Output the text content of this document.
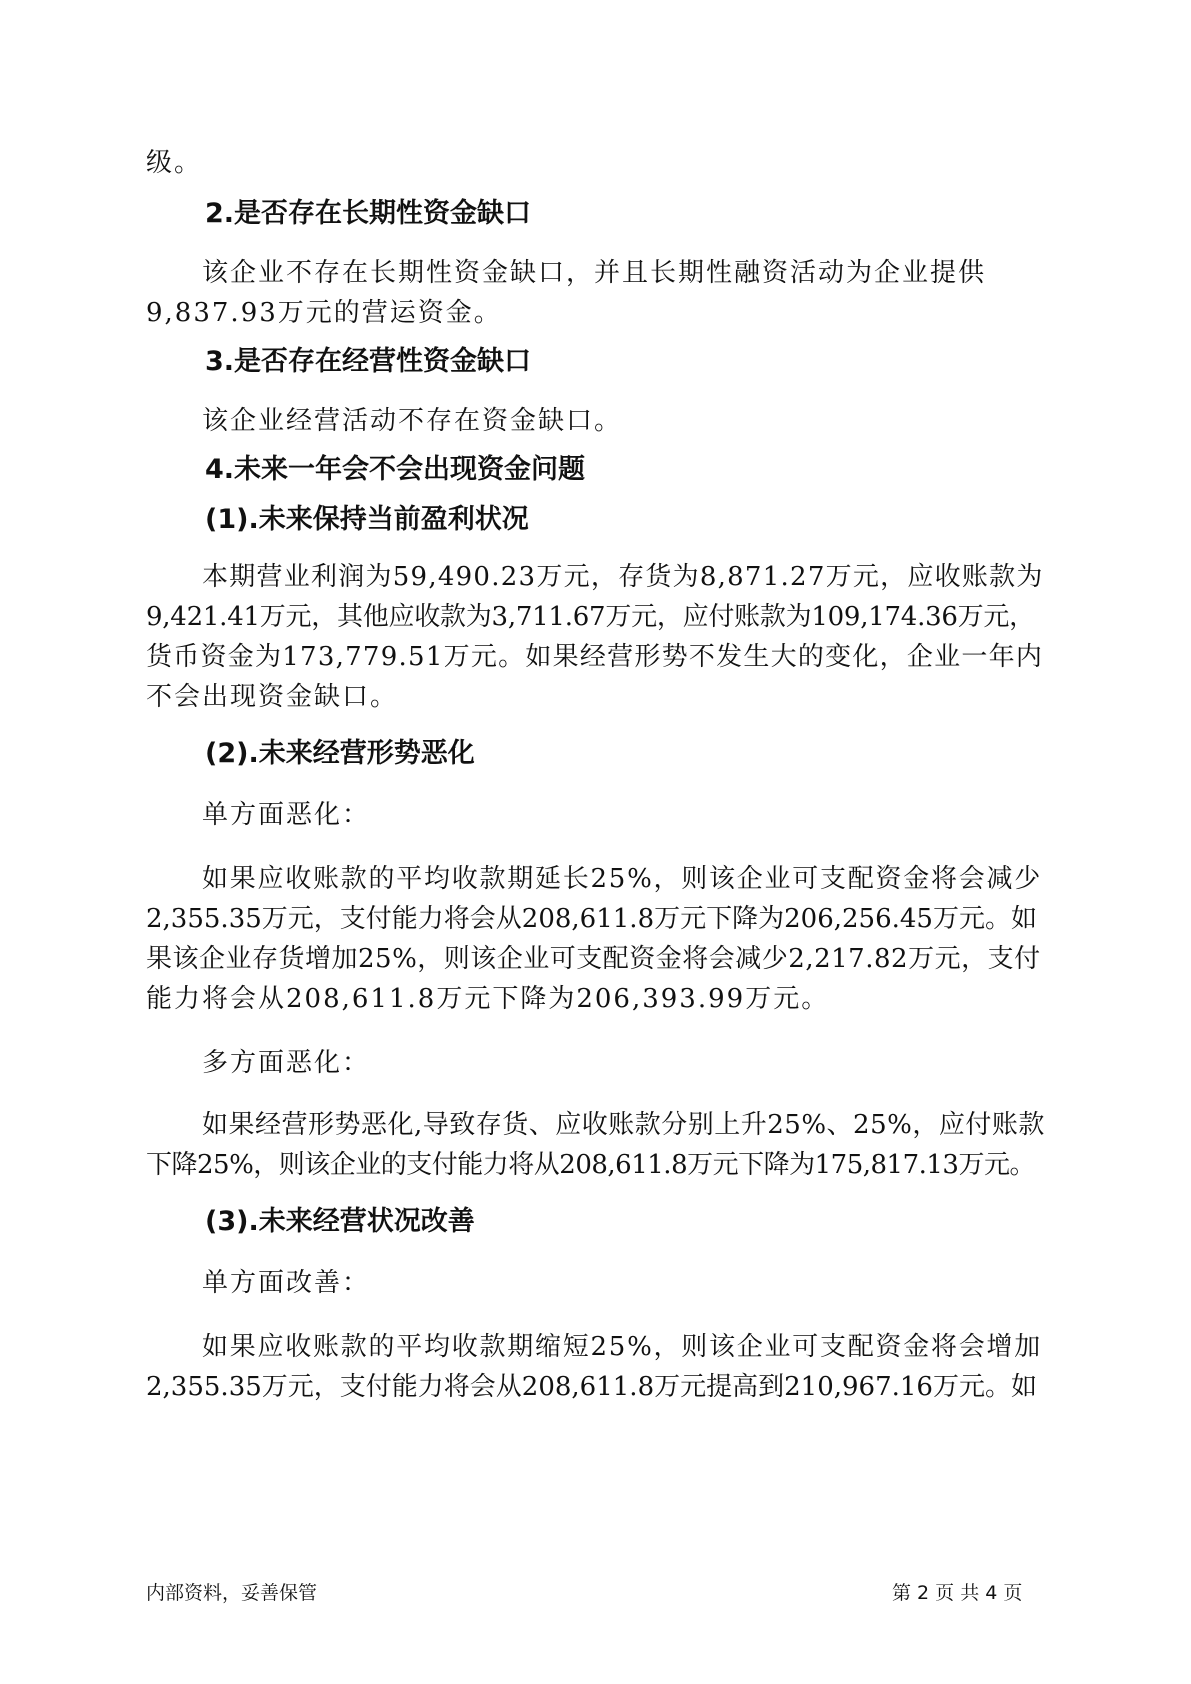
级。
2.是否存在长期性资金缺口
该企业不存在长期性资金缺口，并且长期性融资活动为企业提供
9,837.93万元的营运资金。
3.是否存在经营性资金缺口
该企业经营活动不存在资金缺口。
4.未来一年会不会出现资金问题
(1).未来保持当前盈利状况
本期营业利润为59,490.23万元，存货为8,871.27万元，应收账款为
9,421.41万元，其他应收款为3,711.67万元，应付账款为109,174.36万元，
货币资金为173,779.51万元。如果经营形势不发生大的变化，企业一年内
不会出现资金缺口。
(2).未来经营形势恶化
单方面恶化：
如果应收账款的平均收款期延长25%，则该企业可支配资金将会减少
2,355.35万元，支付能力将会从208,611.8万元下降为206,256.45万元。如
果该企业存货增加25%，则该企业可支配资金将会减少2,217.82万元，支付
能力将会从208,611.8万元下降为206,393.99万元。
多方面恶化：
如果经营形势恶化,导致存货、应收账款分别上升25%、25%，应付账款
下降25%，则该企业的支付能力将从208,611.8万元下降为175,817.13万元。
(3).未来经营状况改善
单方面改善：
如果应收账款的平均收款期缩短25%，则该企业可支配资金将会增加
2,355.35万元，支付能力将会从208,611.8万元提高到210,967.16万元。如
内部资料，妥善保管	第 2 页 共 4 页
